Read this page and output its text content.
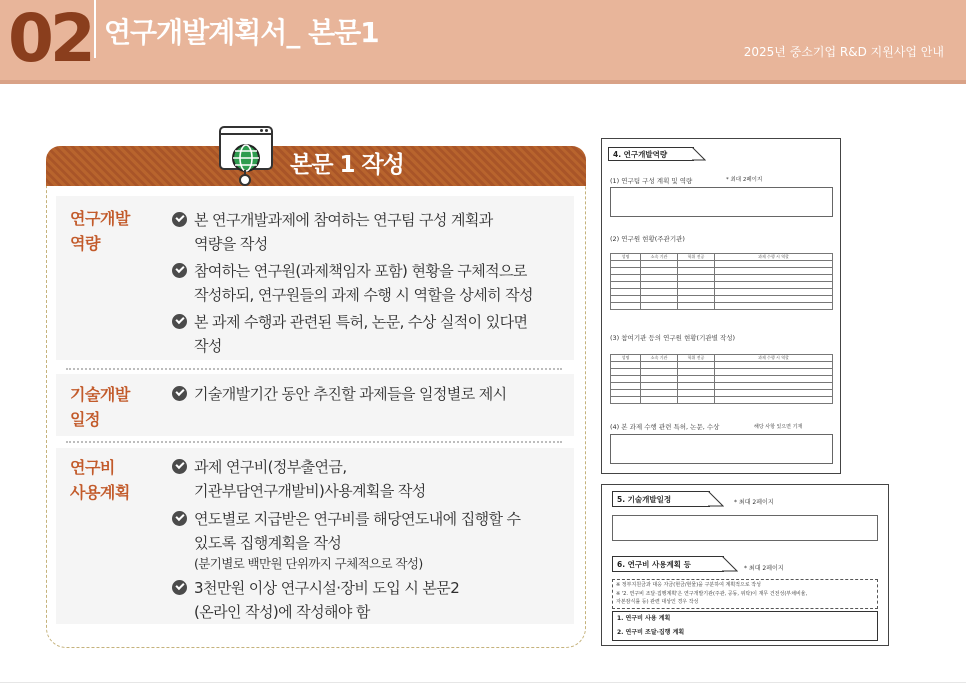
02 연구개발계획서_ 본문1
2025년 중소기업 R&D 지원사업 안내
본문 1 작성
연구개발
역량
본 연구개발과제에 참여하는 연구팀 구성 계획과
역량을 작성
참여하는 연구원(과제책임자 포함) 현황을 구체적으로
작성하되, 연구원들의 과제 수행 시 역할을 상세히 작성
본 과제 수행과 관련된 특허, 논문, 수상 실적이 있다면
작성
기술개발
일정
기술개발기간 동안 추진할 과제들을 일정별로 제시
연구비
사용계획
과제 연구비(정부출연금,
기관부담연구개발비)사용계획을 작성
연도별로 지급받은 연구비를 해당연도내에 집행할 수
있도록 집행계획을 작성
(분기별로 백만원 단위까지 구체적으로 작성)
3천만원 이상 연구시설·장비 도입 시 본문2
(온라인 작성)에 작성해야 함
4. 연구개발역량
(1) 연구팀 구성 계획 및 역량	* 최대 2페이지
(2) 연구원 현황(주관기관)
성명	소속 기관	학위 전공	과제 수행 시 역할

(3) 참여기관 등의 연구원 현황(기관별 작성)
성명	소속 기관	학위 전공	과제 수행 시 역할

(4) 본 과제 수행 관련 특허, 논문, 수상	해당 사항 있으면 기재
5. 기술개발일정	* 최대 2페이지
6. 연구비 사용계획 등	* 최대 2페이지
※ 정부지원금과 대응 자금(현금/현물)을 구분하여 계획적으로 작성
※ '2. 연구비 조달·집행계획'은 연구개발기관(주관, 공동, 위탁)이 재무 건전성(부채비율,
자본잠식률 등) 관련 대상인 경우 작성
1. 연구비 사용 계획
2. 연구비 조달·집행 계획
